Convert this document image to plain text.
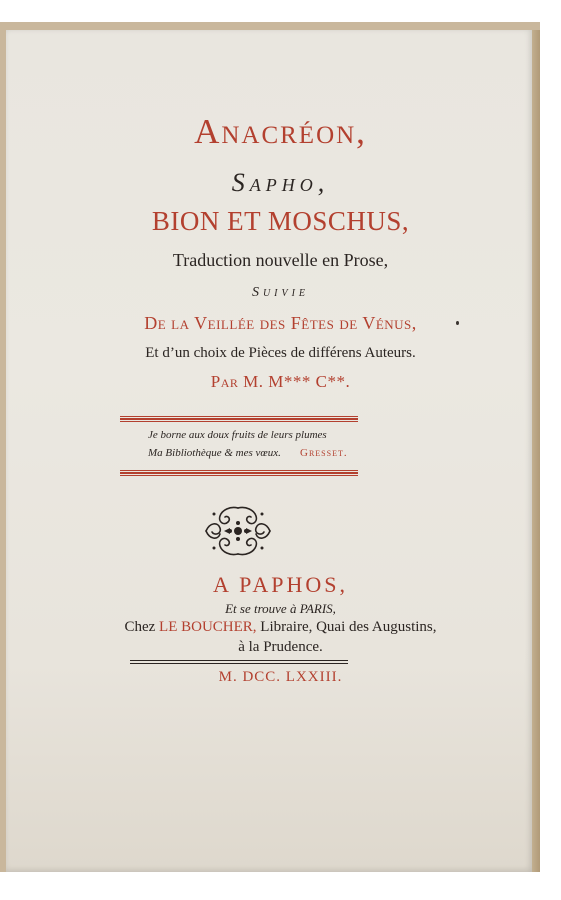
Anacréon,
Sapho,
BION ET MOSCHUS,
Traduction nouvelle en Prose,
Suivie
De la Veillée des Fêtes de Vénus,
Et d’un choix de Pièces de différens Auteurs.
Par M. M*** C**.
Je borne aux doux fruits de leurs plumes
Ma Bibliothèque & mes vœux. Gresset.
A PAPHOS,
Et se trouve à PARIS,
Chez LE BOUCHER, Libraire, Quai des Augustins,
à la Prudence.
M. DCC. LXXIII.
